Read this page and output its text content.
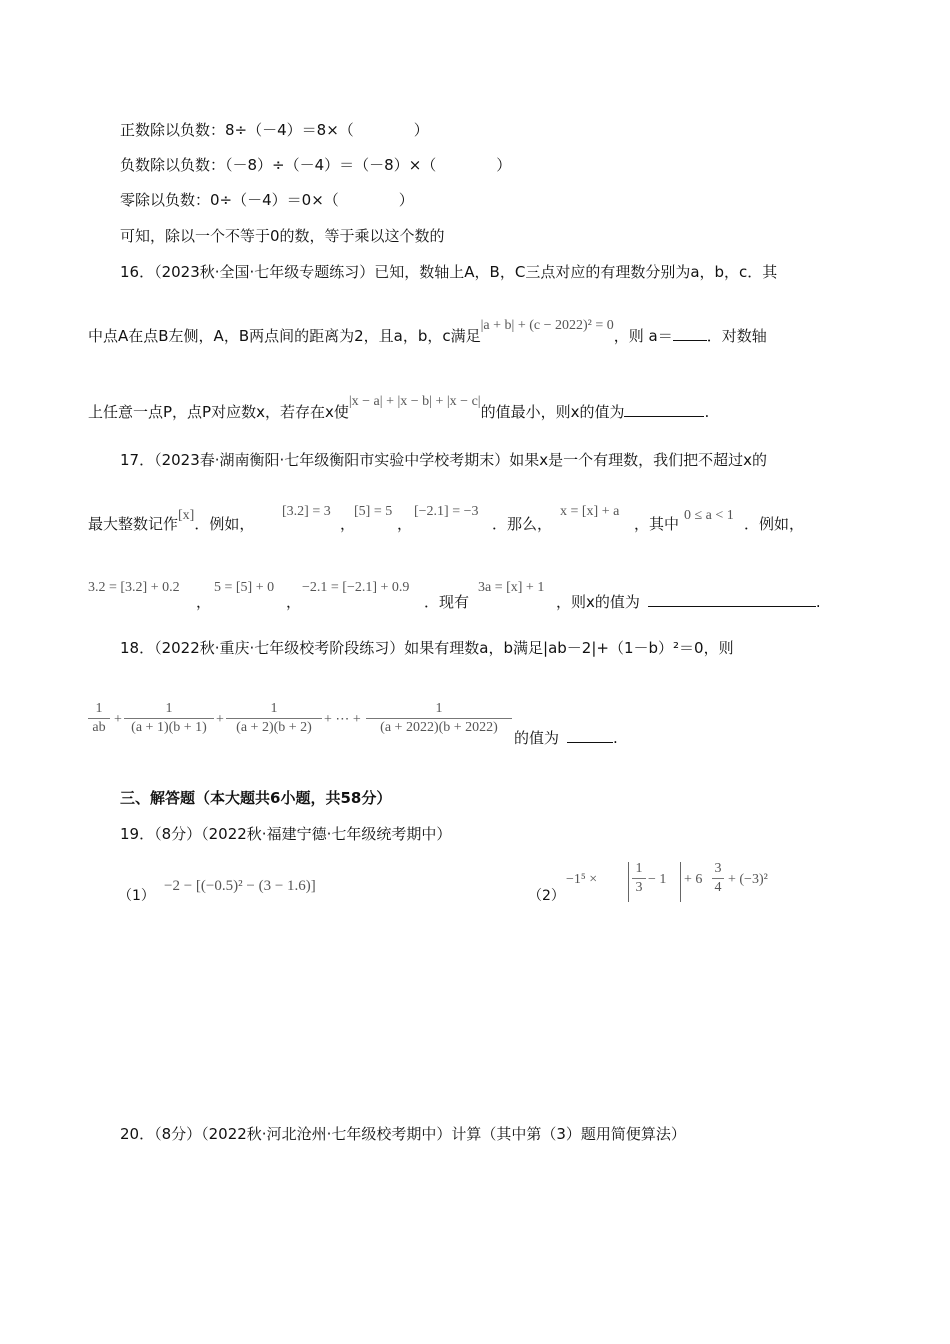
正数除以负数：8÷（－4）＝8×（　　　　）
负数除以负数：（－8）÷（－4）＝（－8）×（　　　　）
零除以负数：0÷（－4）＝0×（　　　　）
可知，除以一个不等于0的数，等于乘以这个数的
16．（2023秋·全国·七年级专题练习）已知，数轴上A，B，C三点对应的有理数分别为a，b，c．其
中点A在点B左侧，A，B两点间的距离为2，且a，b，c满足|a + b| + (c − 2022)² = 0，则 a＝ ．对数轴
上任意一点P，点P对应数x，若存在x使|x − a| + |x − b| + |x − c|的值最小，则x的值为	.
17．（2023春·湖南衡阳·七年级衡阳市实验中学校考期末）如果x是一个有理数，我们把不超过x的
最大整数记作[x]．例如，
[3.2] = 3
，
[5] = 5
，
[−2.1] = −3
．那么，
x = [x] + a
，其中 0 ≤ a < 1 ．例如，
3.2 = [3.2] + 0.2
，
5 = [5] + 0
，
−2.1 = [−2.1] + 0.9
．现有
3a = [x] + 1
，则x的值为	.
18．（2022秋·重庆·七年级校考阶段练习）如果有理数a，b满足|ab－2|+（1－b）²＝0，则
1
ab
+
1
(a + 1)(b + 1)
+
1
(a + 2)(b + 2)
+ ⋯ +
1
(a + 2022)(b + 2022)
的值为	.
三、解答题（本大题共6小题，共58分）
19．（8分）（2022秋·福建宁德·七年级统考期中）
（1）
−2 − [(−0.5)² − (3 − 1.6)]
（2）
−1⁵ ×
1
3
− 1 + 6
3
4
+ (−3)²
20．（8分）（2022秋·河北沧州·七年级校考期中）计算（其中第（3）题用简便算法）
